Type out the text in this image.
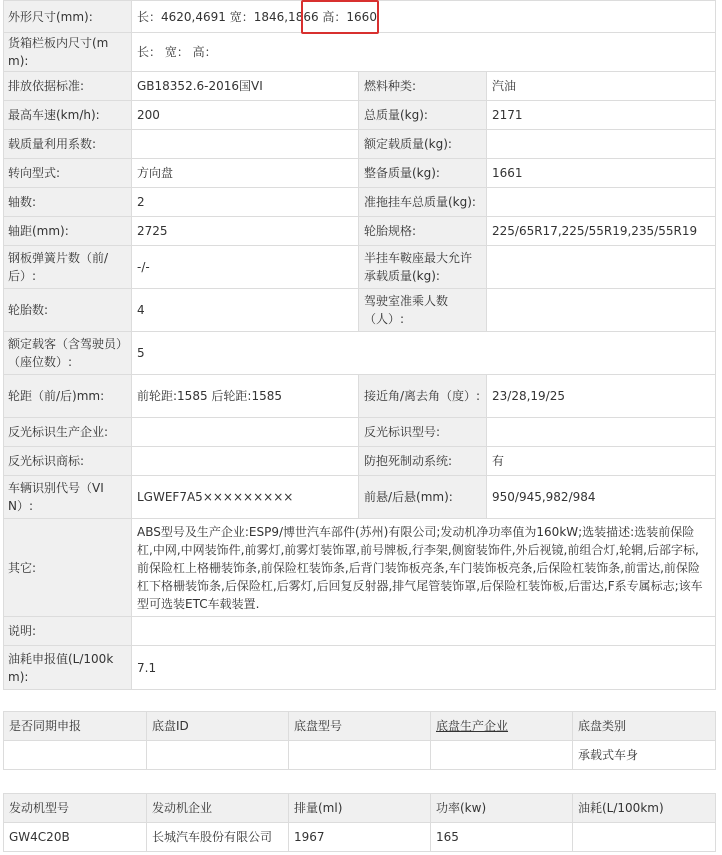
外形尺寸(mm):	长：4620,4691 宽：1846,1866 高：1660		
货箱栏板内尺寸(mm):	长： 宽： 高：		
排放依据标准:	GB18352.6-2016国VI	燃料种类:	汽油
最高车速(km/h):	200	总质量(kg):	2171
载质量利用系数:		额定载质量(kg):	
转向型式:	方向盘	整备质量(kg):	1661
轴数:	2	准拖挂车总质量(kg):	
轴距(mm):	2725	轮胎规格:	225/65R17,225/55R19,235/55R19
钢板弹簧片数（前/后）:	-/-	半挂车鞍座最大允许承载质量(kg):	
轮胎数:	4	驾驶室准乘人数（人）:	
额定载客（含驾驶员）（座位数）:	5		
轮距（前/后)mm:	前轮距:1585 后轮距:1585	接近角/离去角（度）:	23/28,19/25
反光标识生产企业:		反光标识型号:	
反光标识商标:		防抱死制动系统:	有
车辆识别代号（VIN）:	LGWEF7A5×××××××××	前悬/后悬(mm):	950/945,982/984
其它:	ABS型号及生产企业:ESP9/博世汽车部件(苏州)有限公司;发动机净功率值为160kW;选装描述:选装前保险杠,中网,中网装饰件,前雾灯,前雾灯装饰罩,前号牌板,行李架,侧窗装饰件,外后视镜,前组合灯,轮辋,后部字标,前保险杠上格栅装饰条,前保险杠装饰条,后背门装饰板亮条,车门装饰板亮条,后保险杠装饰条,前雷达,前保险杠下格栅装饰条,后保险杠,后雾灯,后回复反射器,排气尾管装饰罩,后保险杠装饰板,后雷达,F系专属标志;该车型可选装ETC车载装置.		
说明:			
油耗申报值(L/100km):	7.1		
是否同期申报	底盘ID	底盘型号	底盘生产企业	底盘类别
				承载式车身
发动机型号	发动机企业	排量(ml)	功率(kw)	油耗(L/100km)
GW4C20B	长城汽车股份有限公司	1967	165	
